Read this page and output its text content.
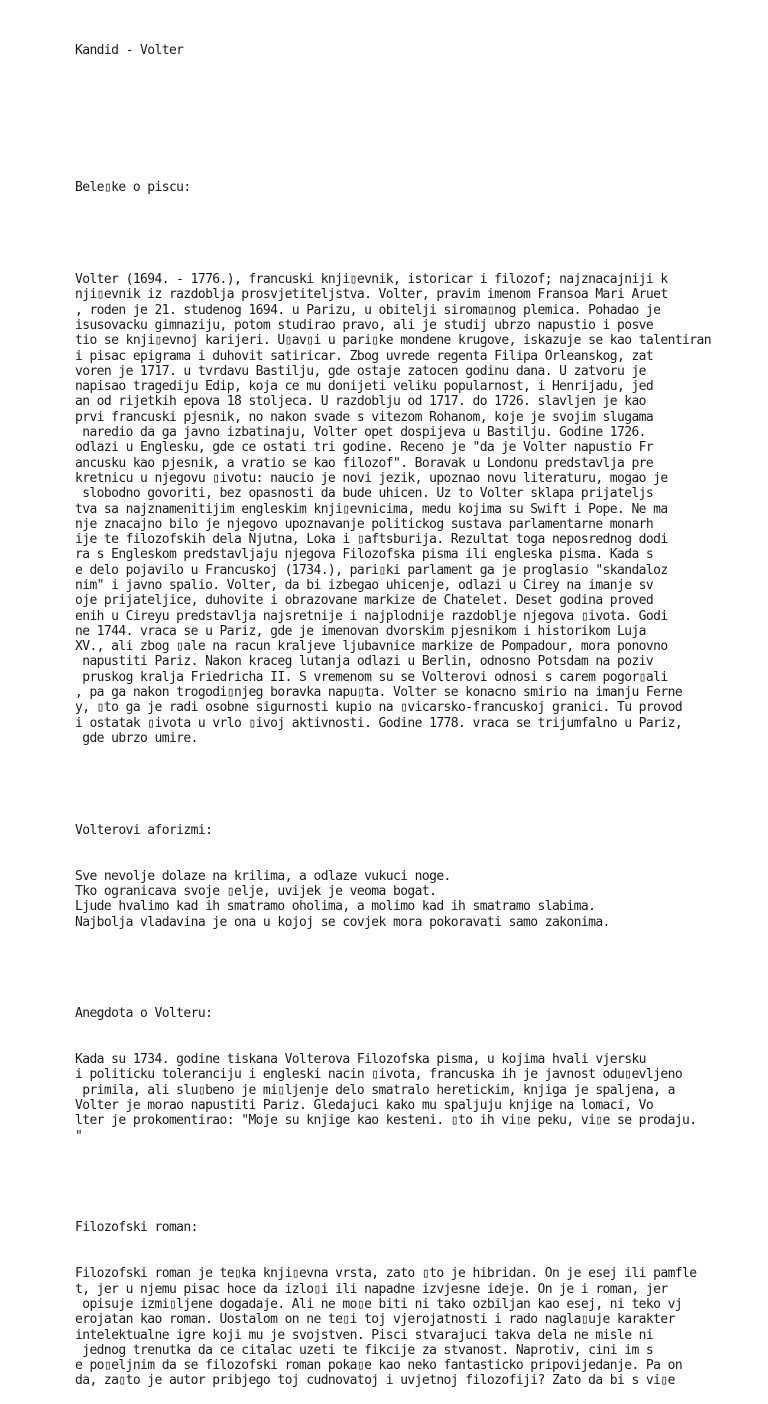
Kandid - Volter

Bele▯ke o piscu:

Volter (1694. - 1776.), francuski knji▯evnik, istoricar i filozof; najznacajniji k
nji▯evnik iz razdoblja prosvjetiteljstva. Volter, pravim imenom Fransoa Mari Aruet
, roden je 21. studenog 1694. u Parizu, u obitelji siroma▯nog plemica. Pohadao je
isusovacku gimnaziju, potom studirao pravo, ali je studij ubrzo napustio i posve
tio se knji▯evnoj karijeri. U▯av▯i u pari▯ke mondene krugove, iskazuje se kao talentiran
i pisac epigrama i duhovit satiricar. Zbog uvrede regenta Filipa Orleanskog, zat
voren je 1717. u tvrdavu Bastilju, gde ostaje zatocen godinu dana. U zatvoru je
napisao tragediju Edip, koja ce mu donijeti veliku popularnost, i Henrijadu, jed
an od rijetkih epova 18 stoljeca. U razdoblju od 1717. do 1726. slavljen je kao
prvi francuski pjesnik, no nakon svade s vitezom Rohanom, koje je svojim slugama
naredio da ga javno izbatinaju, Volter opet dospijeva u Bastilju. Godine 1726.
odlazi u Englesku, gde ce ostati tri godine. Receno je "da je Volter napustio Fr
ancusku kao pjesnik, a vratio se kao filozof". Boravak u Londonu predstavlja pre
kretnicu u njegovu ▯ivotu: naucio je novi jezik, upoznao novu literaturu, mogao je
slobodno govoriti, bez opasnosti da bude uhicen. Uz to Volter sklapa prijateljs
tva sa najznamenitijim engleskim knji▯evnicima, medu kojima su Swift i Pope. Ne ma
nje znacajno bilo je njegovo upoznavanje politickog sustava parlamentarne monarh
ije te filozofskih dela Njutna, Loka i ▯aftsburija. Rezultat toga neposrednog dodi
ra s Engleskom predstavljaju njegova Filozofska pisma ili engleska pisma. Kada s
e delo pojavilo u Francuskoj (1734.), pari▯ki parlament ga je proglasio "skandaloz
nim" i javno spalio. Volter, da bi izbegao uhicenje, odlazi u Cirey na imanje sv
oje prijateljice, duhovite i obrazovane markize de Chatelet. Deset godina proved
enih u Cireyu predstavlja najsretnije i najplodnije razdoblje njegova ▯ivota. Godi
ne 1744. vraca se u Pariz, gde je imenovan dvorskim pjesnikom i historikom Luja
XV., ali zbog ▯ale na racun kraljeve ljubavnice markize de Pompadour, mora ponovno
napustiti Pariz. Nakon kraceg lutanja odlazi u Berlin, odnosno Potsdam na poziv
pruskog kralja Friedricha II. S vremenom su se Volterovi odnosi s carem pogor▯ali
, pa ga nakon trogodi▯njeg boravka napu▯ta. Volter se konacno smirio na imanju Ferne
y, ▯to ga je radi osobne sigurnosti kupio na ▯vicarsko-francuskoj granici. Tu provod
i ostatak ▯ivota u vrlo ▯ivoj aktivnosti. Godine 1778. vraca se trijumfalno u Pariz,
gde ubrzo umire.

Volterovi aforizmi:

Sve nevolje dolaze na krilima, a odlaze vukuci noge.
Tko ogranicava svoje ▯elje, uvijek je veoma bogat.
Ljude hvalimo kad ih smatramo oholima, a molimo kad ih smatramo slabima.
Najbolja vladavina je ona u kojoj se covjek mora pokoravati samo zakonima.

Anegdota o Volteru:

Kada su 1734. godine tiskana Volterova Filozofska pisma, u kojima hvali vjersku
i politicku toleranciju i engleski nacin ▯ivota, francuska ih je javnost odu▯evljeno
primila, ali slu▯beno je mi▯ljenje delo smatralo heretickim, knjiga je spaljena, a
Volter je morao napustiti Pariz. Gledajuci kako mu spaljuju knjige na lomaci, Vo
lter je prokomentirao: "Moje su knjige kao kesteni. ▯to ih vi▯e peku, vi▯e se prodaju.
"

Filozofski roman:

Filozofski roman je te▯ka knji▯evna vrsta, zato ▯to je hibridan. On je esej ili pamfle
t, jer u njemu pisac hoce da izlo▯i ili napadne izvjesne ideje. On je i roman, jer
opisuje izmi▯ljene dogadaje. Ali ne mo▯e biti ni tako ozbiljan kao esej, ni teko vj
erojatan kao roman. Uostalom on ne te▯i toj vjerojatnosti i rado nagla▯uje karakter
intelektualne igre koji mu je svojstven. Pisci stvarajuci takva dela ne misle ni
jednog trenutka da ce citalac uzeti te fikcije za stvanost. Naprotiv, cini im s
e po▯eljnim da se filozofski roman poka▯e kao neko fantasticko pripovijedanje. Pa on
da, za▯to je autor pribjego toj cudnovatoj i uvjetnoj filozofiji? Zato da bi s vi▯e
